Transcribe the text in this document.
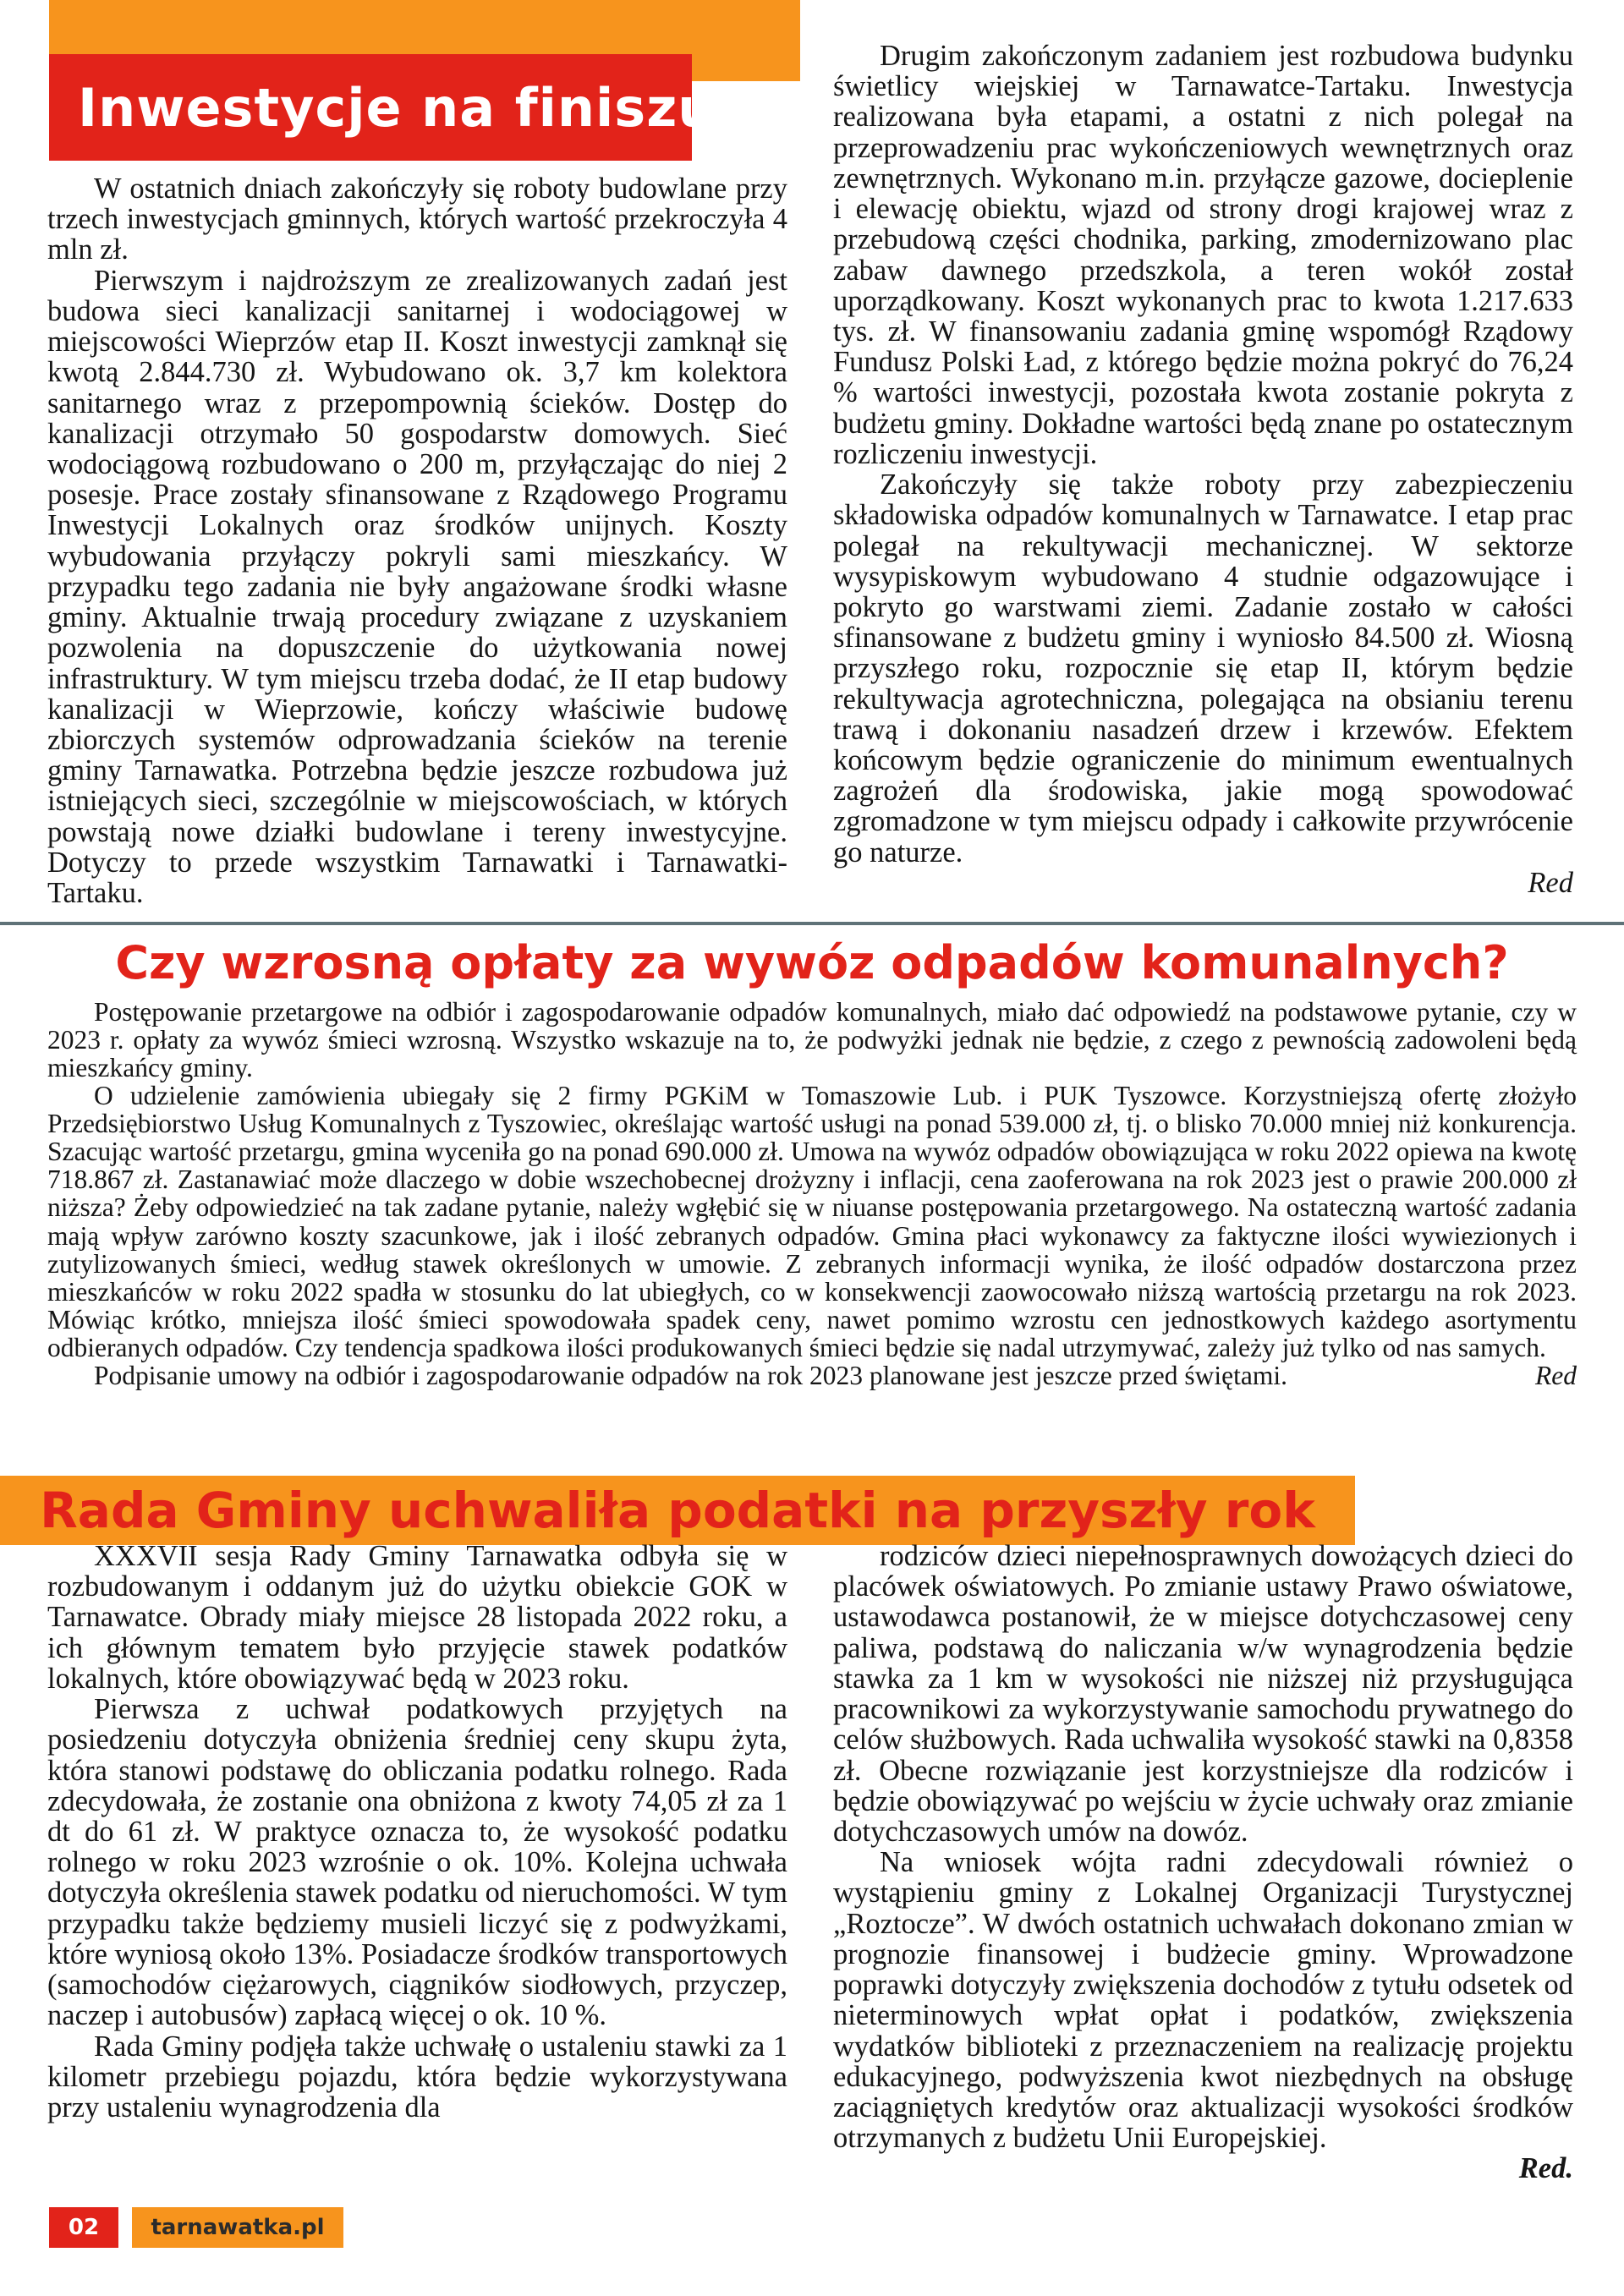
Inwestycje na finiszu

W ostatnich dniach zakończyły się roboty budowlane przy trzech inwestycjach gminnych, których wartość przekroczyła 4 mln zł.

Pierwszym i najdroższym ze zrealizowanych zadań jest budowa sieci kanalizacji sanitarnej i wodociągowej w miejscowości Wieprzów etap II. Koszt inwestycji zamknął się kwotą 2.844.730 zł. Wybudowano ok. 3,7 km kolektora sanitarnego wraz z przepompownią ścieków. Dostęp do kanalizacji otrzymało 50 gospodarstw domowych. Sieć wodociągową rozbudowano o 200 m, przyłączając do niej 2 posesje. Prace zostały sfinansowane z Rządowego Programu Inwestycji Lokalnych oraz środków unijnych. Koszty wybudowania przyłączy pokryli sami mieszkańcy. W przypadku tego zadania nie były angażowane środki własne gminy. Aktualnie trwają procedury związane z uzyskaniem pozwolenia na dopuszczenie do użytkowania nowej infrastruktury. W tym miejscu trzeba dodać, że II etap budowy kanalizacji w Wieprzowie, kończy właściwie budowę zbiorczych systemów odprowadzania ścieków na terenie gminy Tarnawatka. Potrzebna będzie jeszcze rozbudowa już istniejących sieci, szczególnie w miejscowościach, w których powstają nowe działki budowlane i tereny inwestycyjne. Dotyczy to przede wszystkim Tarnawatki i Tarnawatki-Tartaku.

Drugim zakończonym zadaniem jest rozbudowa budynku świetlicy wiejskiej w Tarnawatce-Tartaku. Inwestycja realizowana była etapami, a ostatni z nich polegał na przeprowadzeniu prac wykończeniowych wewnętrznych oraz zewnętrznych. Wykonano m.in. przyłącze gazowe, docieplenie i elewację obiektu, wjazd od strony drogi krajowej wraz z przebudową części chodnika, parking, zmodernizowano plac zabaw dawnego przedszkola, a teren wokół został uporządkowany. Koszt wykonanych prac to kwota 1.217.633 tys. zł. W finansowaniu zadania gminę wspomógł Rządowy Fundusz Polski Ład, z którego będzie można pokryć do 76,24 % wartości inwestycji, pozostała kwota zostanie pokryta z budżetu gminy. Dokładne wartości będą znane po ostatecznym rozliczeniu inwestycji.

Zakończyły się także roboty przy zabezpieczeniu składowiska odpadów komunalnych w Tarnawatce. I etap prac polegał na rekultywacji mechanicznej. W sektorze wysypiskowym wybudowano 4 studnie odgazowujące i pokryto go warstwami ziemi. Zadanie zostało w całości sfinansowane z budżetu gminy i wyniosło 84.500 zł. Wiosną przyszłego roku, rozpocznie się etap II, którym będzie rekultywacja agrotechniczna, polegająca na obsianiu terenu trawą i dokonaniu nasadzeń drzew i krzewów. Efektem końcowym będzie ograniczenie do minimum ewentualnych zagrożeń dla środowiska, jakie mogą spowodować zgromadzone w tym miejscu odpady i całkowite przywrócenie go naturze.

Red

Czy wzrosną opłaty za wywóz odpadów komunalnych?

Postępowanie przetargowe na odbiór i zagospodarowanie odpadów komunalnych, miało dać odpowiedź na podstawowe pytanie, czy w 2023 r. opłaty za wywóz śmieci wzrosną. Wszystko wskazuje na to, że podwyżki jednak nie będzie, z czego z pewnością zadowoleni będą mieszkańcy gminy.

O udzielenie zamówienia ubiegały się 2 firmy PGKiM w Tomaszowie Lub. i PUK Tyszowce. Korzystniejszą ofertę złożyło Przedsiębiorstwo Usług Komunalnych z Tyszowiec, określając wartość usługi na ponad 539.000 zł, tj. o blisko 70.000 mniej niż konkurencja. Szacując wartość przetargu, gmina wyceniła go na ponad 690.000 zł. Umowa na wywóz odpadów obowiązująca w roku 2022 opiewa na kwotę 718.867 zł. Zastanawiać może dlaczego w dobie wszechobecnej drożyzny i inflacji, cena zaoferowana na rok 2023 jest o prawie 200.000 zł niższa? Żeby odpowiedzieć na tak zadane pytanie, należy wgłębić się w niuanse postępowania przetargowego. Na ostateczną wartość zadania mają wpływ zarówno koszty szacunkowe, jak i ilość zebranych odpadów. Gmina płaci wykonawcy za faktyczne ilości wywiezionych i zutylizowanych śmieci, według stawek określonych w umowie. Z zebranych informacji wynika, że ilość odpadów dostarczona przez mieszkańców w roku 2022 spadła w stosunku do lat ubiegłych, co w konsekwencji zaowocowało niższą wartością przetargu na rok 2023. Mówiąc krótko, mniejsza ilość śmieci spowodowała spadek ceny, nawet pomimo wzrostu cen jednostkowych każdego asortymentu odbieranych odpadów. Czy tendencja spadkowa ilości produkowanych śmieci będzie się nadal utrzymywać, zależy już tylko od nas samych.

Podpisanie umowy na odbiór i zagospodarowanie odpadów na rok 2023 planowane jest jeszcze przed świętami.	Red

Rada Gminy uchwaliła podatki na przyszły rok

XXXVII sesja Rady Gminy Tarnawatka odbyła się w rozbudowanym i oddanym już do użytku obiekcie GOK w Tarnawatce. Obrady miały miejsce 28 listopada 2022 roku, a ich głównym tematem było przyjęcie stawek podatków lokalnych, które obowiązywać będą w 2023 roku.

Pierwsza z uchwał podatkowych przyjętych na posiedzeniu dotyczyła obniżenia średniej ceny skupu żyta, która stanowi podstawę do obliczania podatku rolnego. Rada zdecydowała, że zostanie ona obniżona z kwoty 74,05 zł za 1 dt do 61 zł. W praktyce oznacza to, że wysokość podatku rolnego w roku 2023 wzrośnie o ok. 10%. Kolejna uchwała dotyczyła określenia stawek podatku od nieruchomości. W tym przypadku także będziemy musieli liczyć się z podwyżkami, które wyniosą około 13%. Posiadacze środków transportowych (samochodów ciężarowych, ciągników siodłowych, przyczep, naczep i autobusów) zapłacą więcej o ok. 10 %.

Rada Gminy podjęła także uchwałę o ustaleniu stawki za 1 kilometr przebiegu pojazdu, która będzie wykorzystywana przy ustaleniu wynagrodzenia dla

rodziców dzieci niepełnosprawnych dowożących dzieci do placówek oświatowych. Po zmianie ustawy Prawo oświatowe, ustawodawca postanowił, że w miejsce dotychczasowej ceny paliwa, podstawą do naliczania w/w wynagrodzenia będzie stawka za 1 km w wysokości nie niższej niż przysługująca pracownikowi za wykorzystywanie samochodu prywatnego do celów służbowych. Rada uchwaliła wysokość stawki na 0,8358 zł. Obecne rozwiązanie jest korzystniejsze dla rodziców i będzie obowiązywać po wejściu w życie uchwały oraz zmianie dotychczasowych umów na dowóz.

Na wniosek wójta radni zdecydowali również o wystąpieniu gminy z Lokalnej Organizacji Turystycznej „Roztocze”. W dwóch ostatnich uchwałach dokonano zmian w prognozie finansowej i budżecie gminy. Wprowadzone poprawki dotyczyły zwiększenia dochodów z tytułu odsetek od nieterminowych wpłat opłat i podatków, zwiększenia wydatków biblioteki z przeznaczeniem na realizację projektu edukacyjnego, podwyższenia kwot niezbędnych na obsługę zaciągniętych kredytów oraz aktualizacji wysokości środków otrzymanych z budżetu Unii Europejskiej.

Red.

02	tarnawatka.pl
